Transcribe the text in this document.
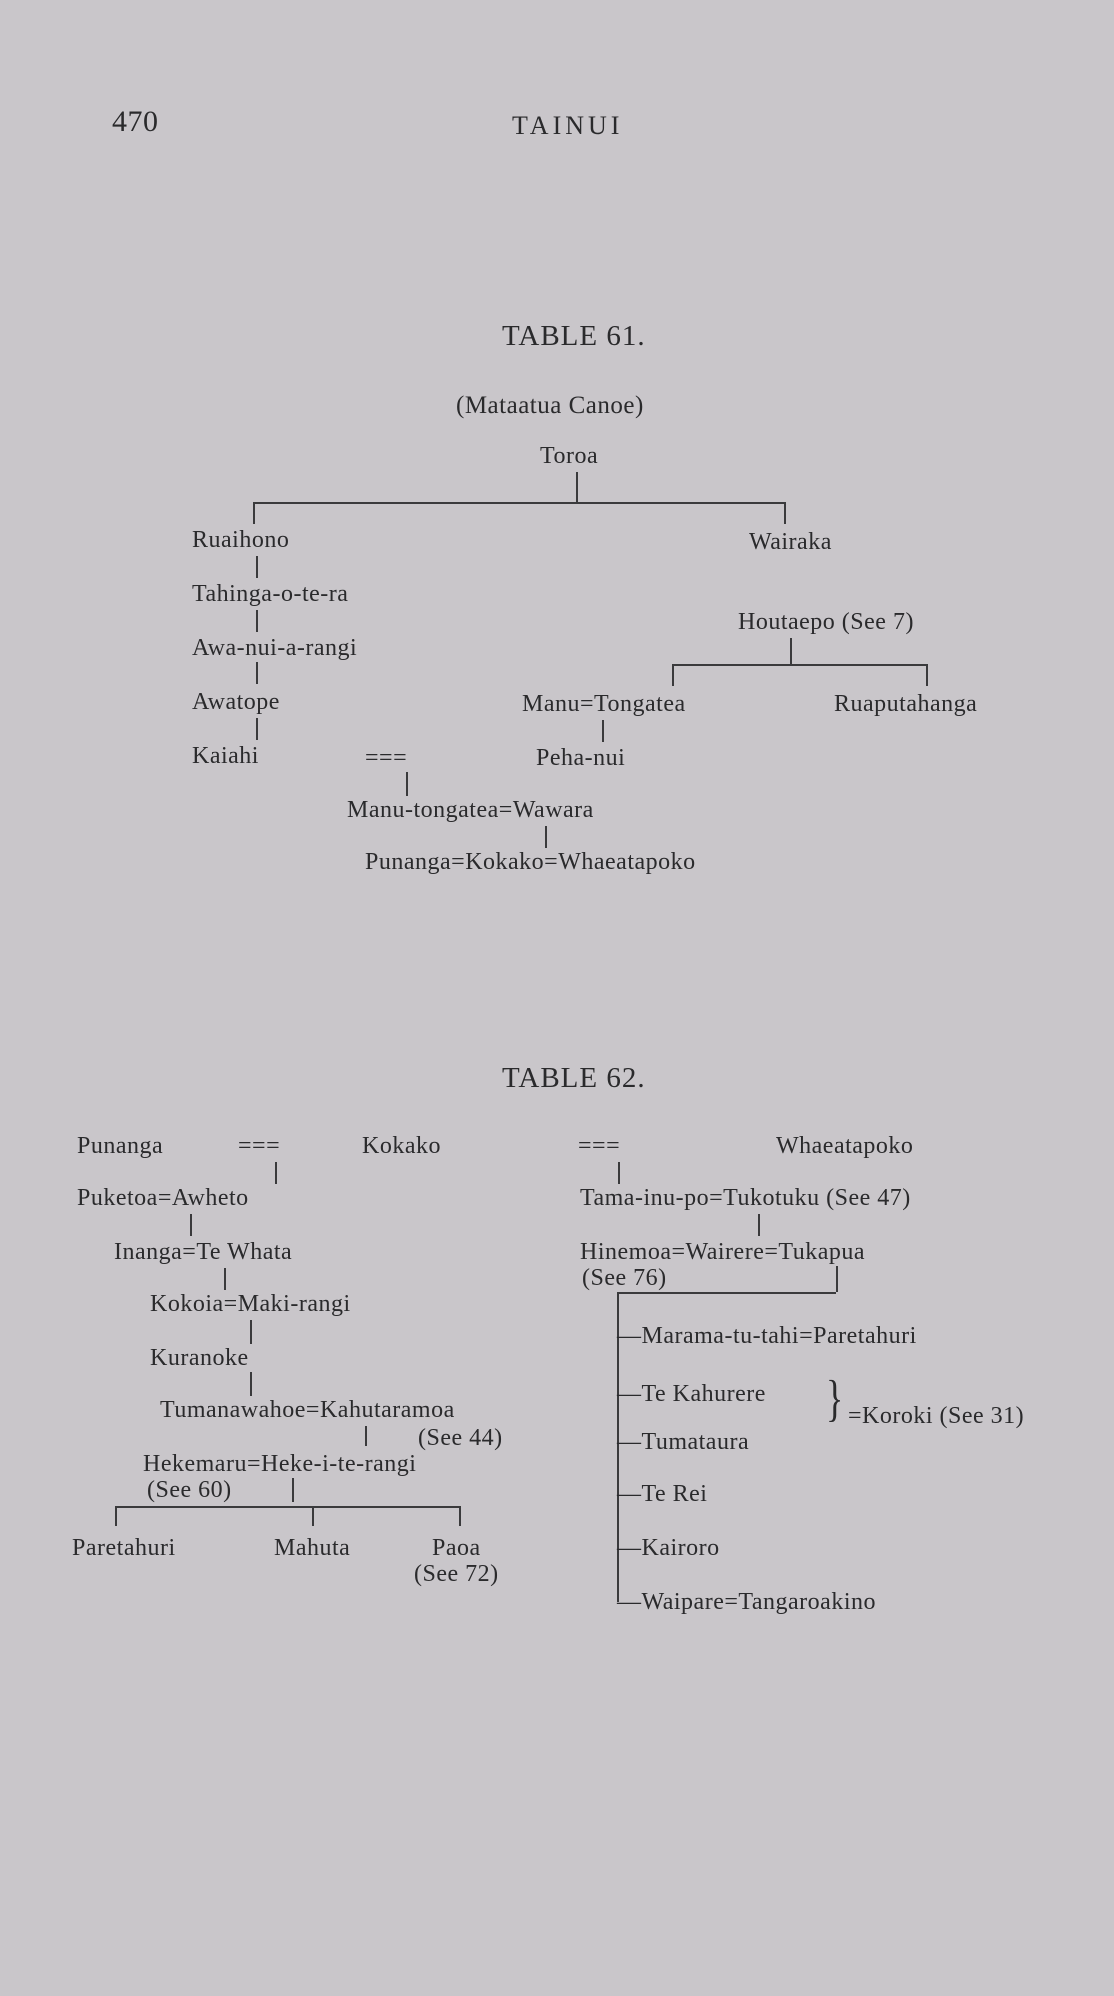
470	TAINUI
TABLE 61.
(Mataatua Canoe)
Toroa
Ruaihono	Wairaka
Tahinga-o-te-ra
Awa-nui-a-rangi
Awatope
Kaiahi
Houtaepo (See 7)
Manu=Tongatea	Ruaputahanga
===	Peha-nui
Manu-tongatea=Wawara
Punanga=Kokako=Whaeatapoko
TABLE 62.
Punanga	===	Kokako	===	Whaeatapoko
Puketoa=Awheto
Inanga=Te Whata
Kokoia=Maki-rangi
Kuranoke
Tumanawahoe=Kahutaramoa
(See 44)
Hekemaru=Heke-i-te-rangi
(See 60)
Paretahuri	Mahuta	Paoa
(See 72)
Tama-inu-po=Tukotuku (See 47)
Hinemoa=Wairere=Tukapua
(See 76)
—Marama-tu-tahi=Paretahuri
—Te Kahurere
—Tumataura
} =Koroki (See 31)
—Te Rei
—Kairoro
—Waipare=Tangaroakino
